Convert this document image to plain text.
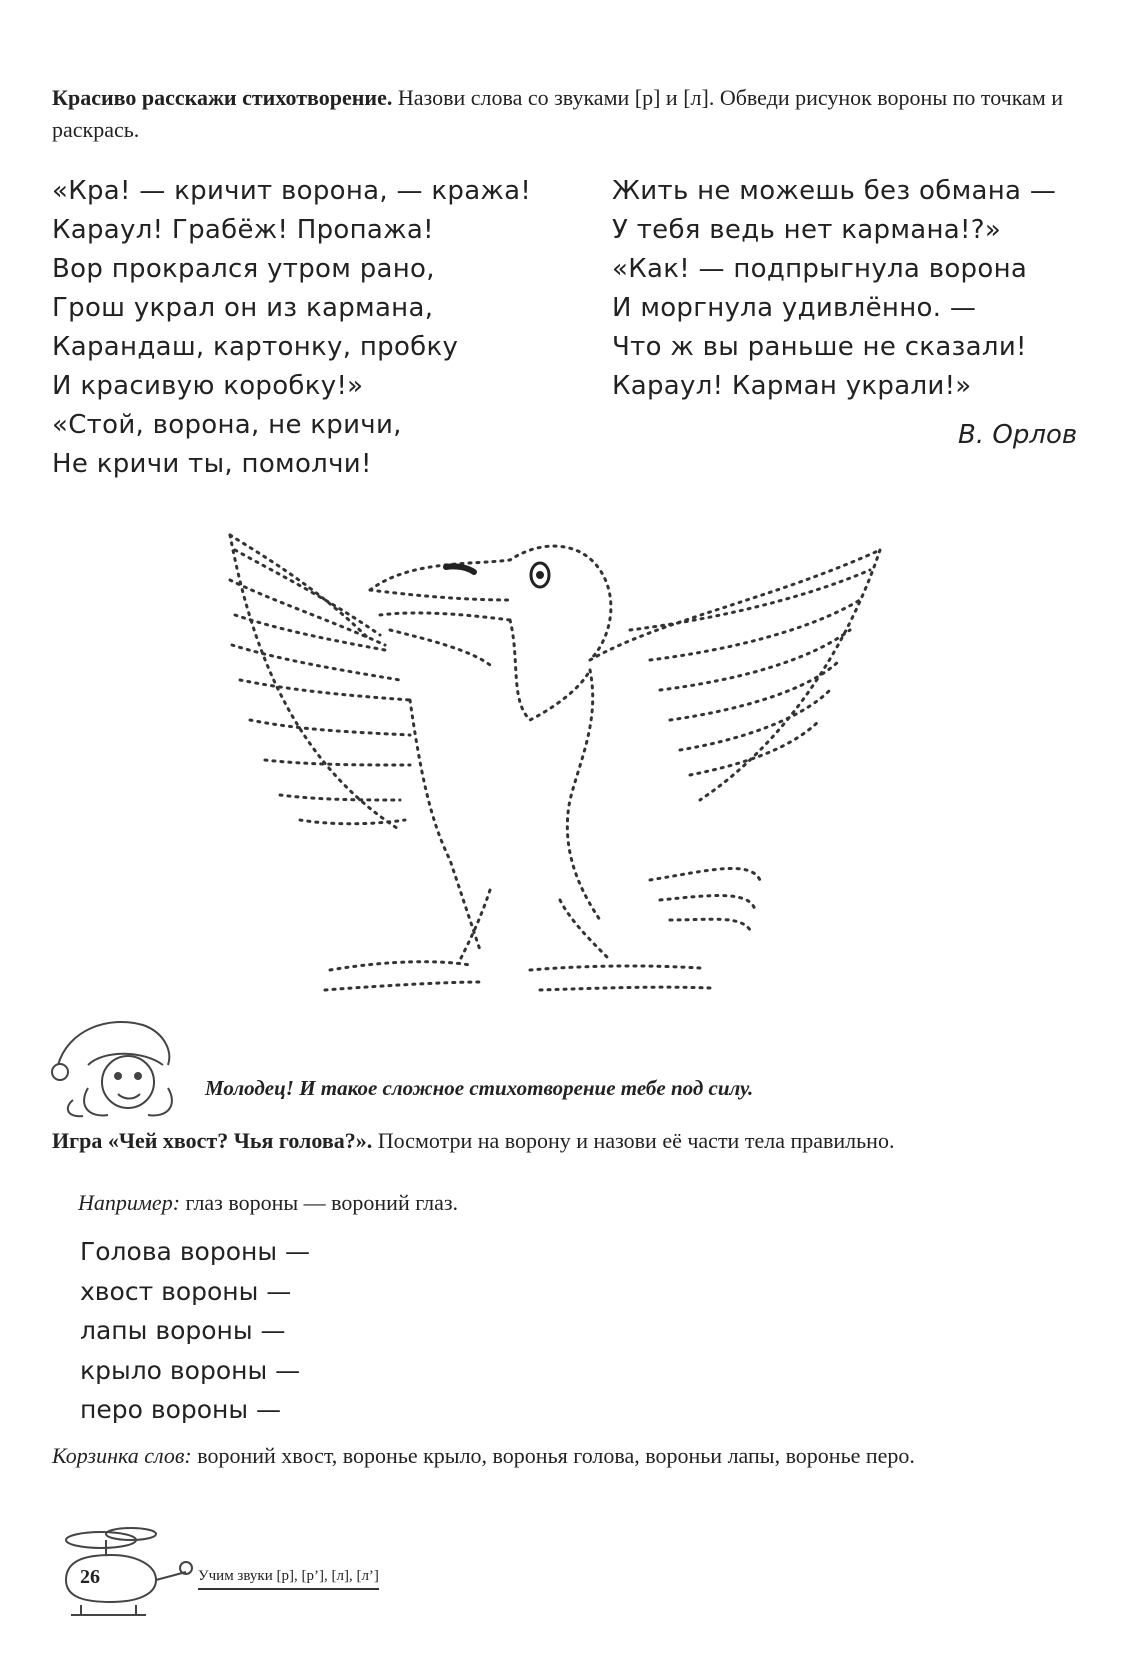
Красиво расскажи стихотворение. Назови слова со звуками [р] и [л]. Обведи рисунок вороны по точкам и раскрась.
«Кра! — кричит ворона, — кража!
Караул! Грабёж! Пропажа!
Вор прокрался утром рано,
Грош украл он из кармана,
Карандаш, картонку, пробку
И красивую коробку!»
«Стой, ворона, не кричи,
Не кричи ты, помолчи!
Жить не можешь без обмана —
У тебя ведь нет кармана!?»
«Как! — подпрыгнула ворона
И моргнула удивлённо. —
Что ж вы раньше не сказали!
Караул! Карман украли!»
В. Орлов
Молодец! И такое сложное стихотворение тебе под силу.
Игра «Чей хвост? Чья голова?». Посмотри на ворону и назови её части тела правильно.
Например: глаз вороны — вороний глаз.
Голова вороны —
хвост вороны —
лапы вороны —
крыло вороны —
перо вороны —
Корзинка слов: вороний хвост, воронье крыло, воронья голова, вороньи лапы, воронье перо.
26	Учим звуки [р], [р’], [л], [л’]
